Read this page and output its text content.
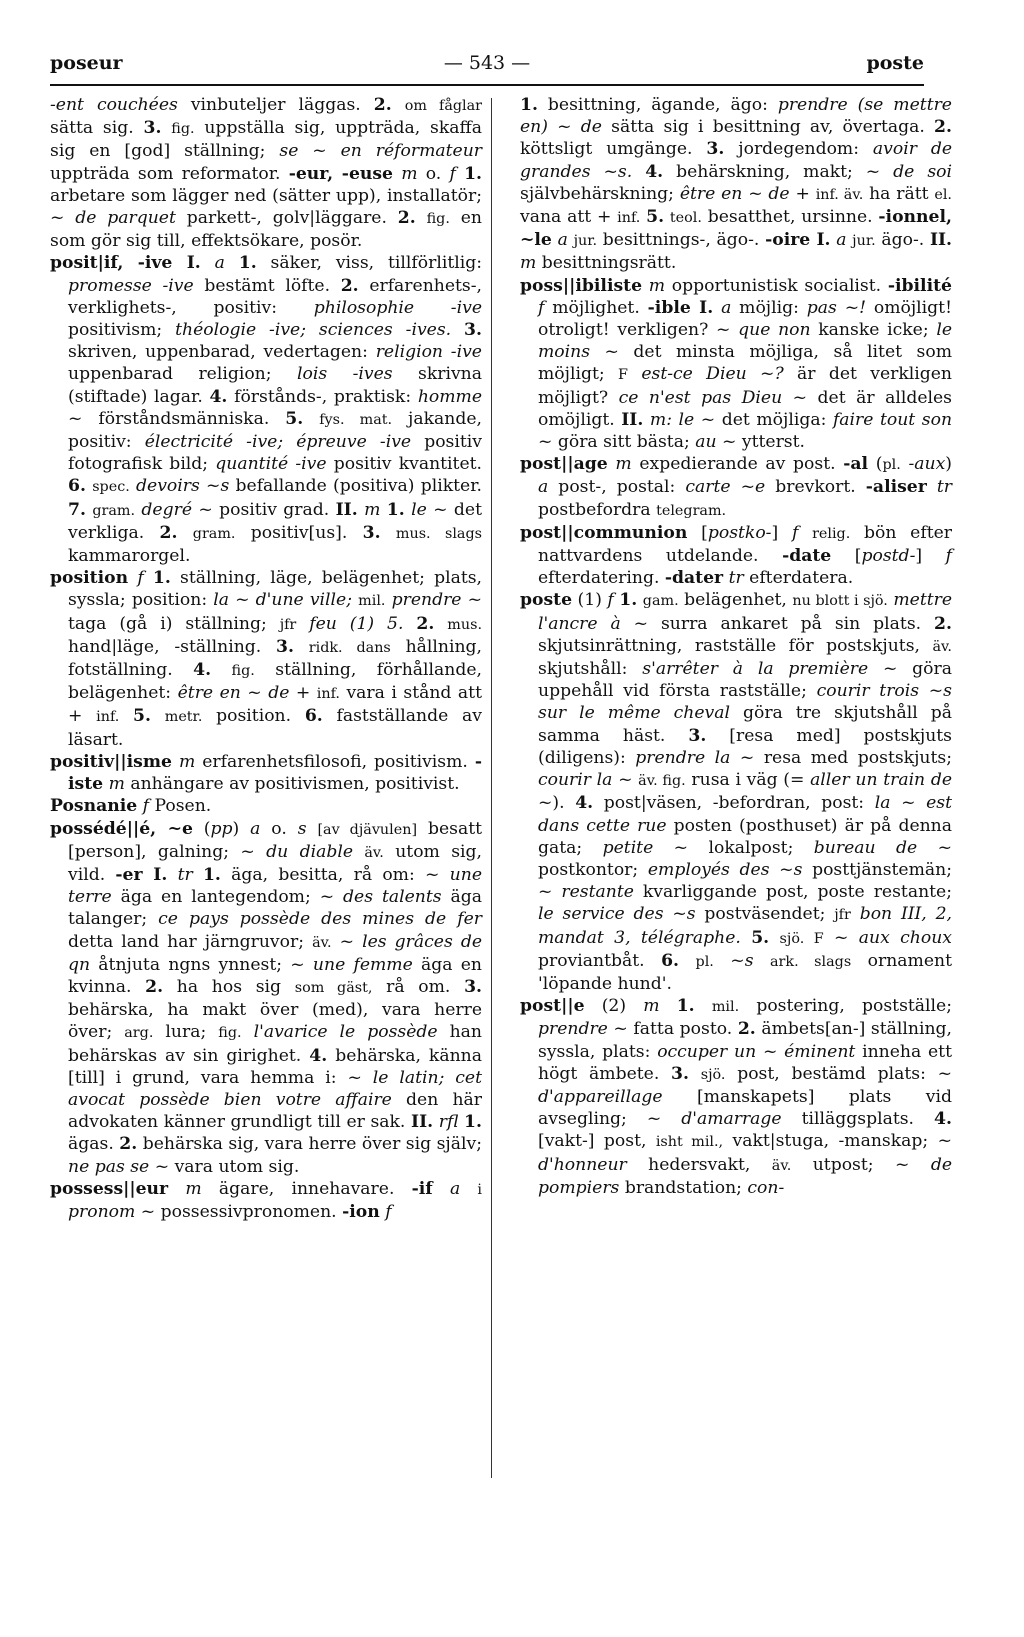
poseur	— 543 —	poste

-ent couchées vinbuteljer läggas. 2. om fåglar sätta sig. 3. fig. uppställa sig, uppträda, skaffa sig en [god] ställning; se ~ en réformateur uppträda som reformator. -eur, -euse m o. f 1. arbetare som lägger ned (sätter upp), installatör; ~ de parquet parkett-, golv|läggare. 2. fig. en som gör sig till, effektsökare, posör.

posit|if, -ive I. a 1. säker, viss, tillförlitlig: promesse -ive bestämt löfte. 2. erfarenhets-, verklighets-, positiv: philosophie -ive positivism; théologie -ive; sciences -ives. 3. skriven, uppenbarad, vedertagen: religion -ive uppenbarad religion; lois -ives skrivna (stiftade) lagar. 4. förstånds-, praktisk: homme ~ förståndsmänniska. 5. fys. mat. jakande, positiv: électricité -ive; épreuve -ive positiv fotografisk bild; quantité -ive positiv kvantitet. 6. spec. devoirs ~s befallande (positiva) plikter. 7. gram. degré ~ positiv grad. II. m 1. le ~ det verkliga. 2. gram. positiv[us]. 3. mus. slags kammarorgel.

position f 1. ställning, läge, belägenhet; plats, syssla; position: la ~ d'une ville; mil. prendre ~ taga (gå i) ställning; jfr feu (1) 5. 2. mus. hand|läge, -ställning. 3. ridk. dans hållning, fotställning. 4. fig. ställning, förhållande, belägenhet: être en ~ de + inf. vara i stånd att + inf. 5. metr. position. 6. fastställande av läsart.

positiv||isme m erfarenhetsfilosofi, positivism. -iste m anhängare av positivismen, positivist.

Posnanie f Posen.

possédé||é, ~e (pp) a o. s [av djävulen] besatt [person], galning; ~ du diable äv. utom sig, vild. -er I. tr 1. äga, besitta, rå om: ~ une terre äga en lantegendom; ~ des talents äga talanger; ce pays possède des mines de fer detta land har järngruvor; äv. ~ les grâces de qn åtnjuta ngns ynnest; ~ une femme äga en kvinna. 2. ha hos sig som gäst, rå om. 3. behärska, ha makt över (med), vara herre över; arg. lura; fig. l'avarice le possède han behärskas av sin girighet. 4. behärska, känna [till] i grund, vara hemma i: ~ le latin; cet avocat possède bien votre affaire den här advokaten känner grundligt till er sak. II. rfl 1. ägas. 2. behärska sig, vara herre över sig själv; ne pas se ~ vara utom sig.

possess||eur m ägare, innehavare. -if a i pronom ~ possessivpronomen. -ion f

1. besittning, ägande, ägo: prendre (se mettre en) ~ de sätta sig i besittning av, övertaga. 2. köttsligt umgänge. 3. jordegendom: avoir de grandes ~s. 4. behärskning, makt; ~ de soi självbehärskning; être en ~ de + inf. äv. ha rätt el. vana att + inf. 5. teol. besatthet, ursinne. -ionnel, ~le a jur. besittnings-, ägo-. -oire I. a jur. ägo-. II. m besittningsrätt.

poss||ibiliste m opportunistisk socialist. -ibilité f möjlighet. -ible I. a möjlig: pas ~! omöjligt! otroligt! verkligen? ~ que non kanske icke; le moins ~ det minsta möjliga, så litet som möjligt; F est-ce Dieu ~? är det verkligen möjligt? ce n'est pas Dieu ~ det är alldeles omöjligt. II. m: le ~ det möjliga: faire tout son ~ göra sitt bästa; au ~ ytterst.

post||age m expedierande av post. -al (pl. -aux) a post-, postal: carte ~e brevkort. -aliser tr postbefordra telegram.

post||communion [postko-] f relig. bön efter nattvardens utdelande. -date [postd-] f efterdatering. -dater tr efterdatera.

poste (1) f 1. gam. belägenhet, nu blott i sjö. mettre l'ancre à ~ surra ankaret på sin plats. 2. skjutsinrättning, rastställe för postskjuts, äv. skjutshåll: s'arrêter à la première ~ göra uppehåll vid första rastställe; courir trois ~s sur le même cheval göra tre skjutshåll på samma häst. 3. [resa med] postskjuts (diligens): prendre la ~ resa med postskjuts; courir la ~ äv. fig. rusa i väg (= aller un train de ~). 4. post|väsen, -befordran, post: la ~ est dans cette rue posten (posthuset) är på denna gata; petite ~ lokalpost; bureau de ~ postkontor; employés des ~s posttjänstemän; ~ restante kvarliggande post, poste restante; le service des ~s postväsendet; jfr bon III, 2, mandat 3, télégraphe. 5. sjö. F ~ aux choux proviantbåt. 6. pl. ~s ark. slags ornament 'löpande hund'.

post||e (2) m 1. mil. postering, postställe; prendre ~ fatta posto. 2. ämbets[an-] ställning, syssla, plats: occuper un ~ éminent inneha ett högt ämbete. 3. sjö. post, bestämd plats: ~ d'appareillage [manskapets] plats vid avsegling; ~ d'amarrage tilläggsplats. 4. [vakt-] post, isht mil., vakt|stuga, -manskap; ~ d'honneur hedersvakt, äv. utpost; ~ de pompiers brandstation; con-
